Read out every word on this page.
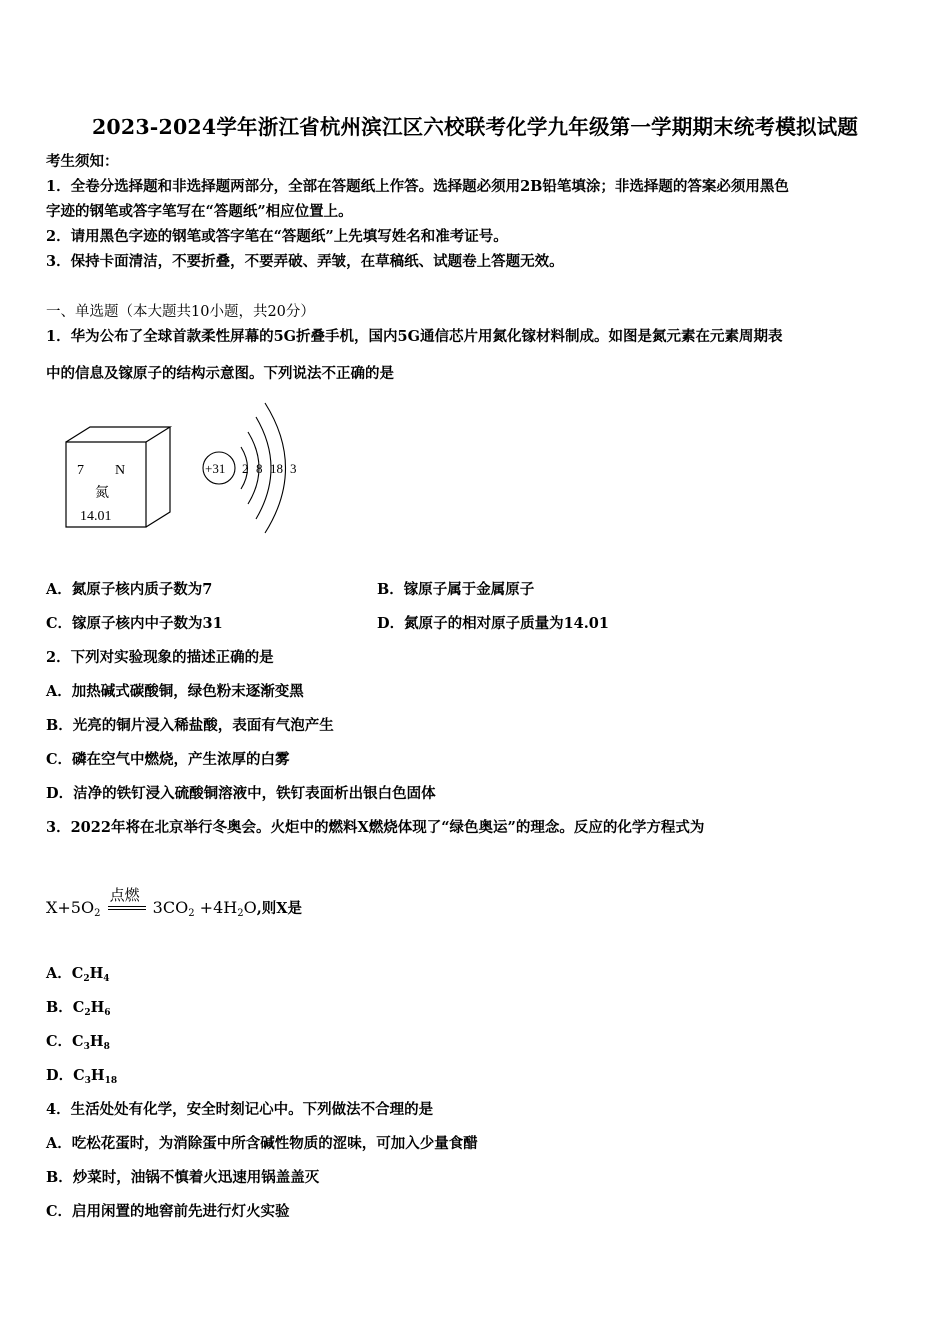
2023-2024学年浙江省杭州滨江区六校联考化学九年级第一学期期末统考模拟试题
考生须知：
1．全卷分选择题和非选择题两部分，全部在答题纸上作答。选择题必须用2B铅笔填涂；非选择题的答案必须用黑色
字迹的钢笔或答字笔写在“答题纸”相应位置上。
2．请用黑色字迹的钢笔或答字笔在“答题纸”上先填写姓名和准考证号。
3．保持卡面清洁，不要折叠，不要弄破、弄皱，在草稿纸、试题卷上答题无效。
一、单选题（本大题共10小题，共20分）
1．华为公布了全球首款柔性屏幕的5G折叠手机，国内5G通信芯片用氮化镓材料制成。如图是氮元素在元素周期表
中的信息及镓原子的结构示意图。下列说法不正确的是
7 N
氮
14.01
+31 2 8 18 3
A．氮原子核内质子数为7	B．镓原子属于金属原子
C．镓原子核内中子数为31	D．氮原子的相对原子质量为14.01
2．下列对实验现象的描述正确的是
A．加热碱式碳酸铜，绿色粉末逐渐变黑
B．光亮的铜片浸入稀盐酸，表面有气泡产生
C．磷在空气中燃烧，产生浓厚的白雾
D．洁净的铁钉浸入硫酸铜溶液中，铁钉表面析出银白色固体
3．2022年将在北京举行冬奥会。火炬中的燃料X燃烧体现了“绿色奥运”的理念。反应的化学方程式为
$X+5O_2$
点燃
$3CO_2 +4H_2O$,则X是
A．$C_2H_4$
B．$C_2H_6$
C．$C_3H_8$
D．$C_3H_{18}$
4．生活处处有化学，安全时刻记心中。下列做法不合理的是
A．吃松花蛋时，为消除蛋中所含碱性物质的涩味，可加入少量食醋
B．炒菜时，油锅不慎着火迅速用锅盖盖灭
C．启用闲置的地窖前先进行灯火实验
